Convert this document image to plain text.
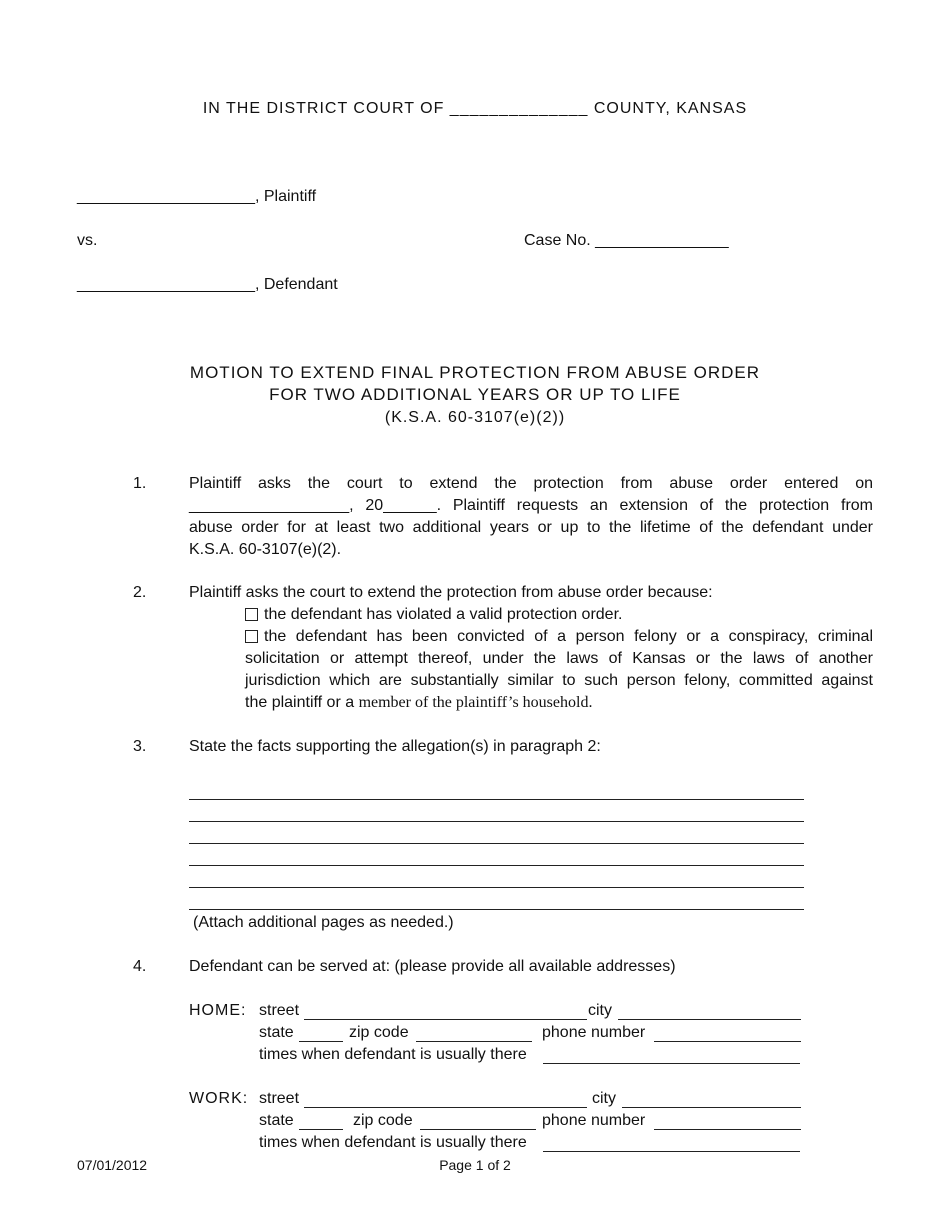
IN THE DISTRICT COURT OF ______________ COUNTY, KANSAS
____________________, Plaintiff
vs.	Case No. _______________
____________________, Defendant
MOTION TO EXTEND FINAL PROTECTION FROM ABUSE ORDER
FOR TWO ADDITIONAL YEARS OR UP TO LIFE
(K.S.A. 60-3107(e)(2))
1.	Plaintiff asks the court to extend the protection from abuse order entered on
__________________, 20______. Plaintiff requests an extension of the protection from
abuse order for at least two additional years or up to the lifetime of the defendant under
K.S.A. 60-3107(e)(2).
2.	Plaintiff asks the court to extend the protection from abuse order because:
the defendant has violated a valid protection order.
the defendant has been convicted of a person felony or a conspiracy, criminal
solicitation or attempt thereof, under the laws of Kansas or the laws of another
jurisdiction which are substantially similar to such person felony, committed against
the plaintiff or a member of the plaintiff’s household.
3.	State the facts supporting the allegation(s) in paragraph 2:
(Attach additional pages as needed.)
4.	Defendant can be served at: (please provide all available addresses)
HOME: street	city
state	zip code	phone number
times when defendant is usually there
WORK: street	city
state	zip code	phone number
times when defendant is usually there
07/01/2012	Page 1 of 2
